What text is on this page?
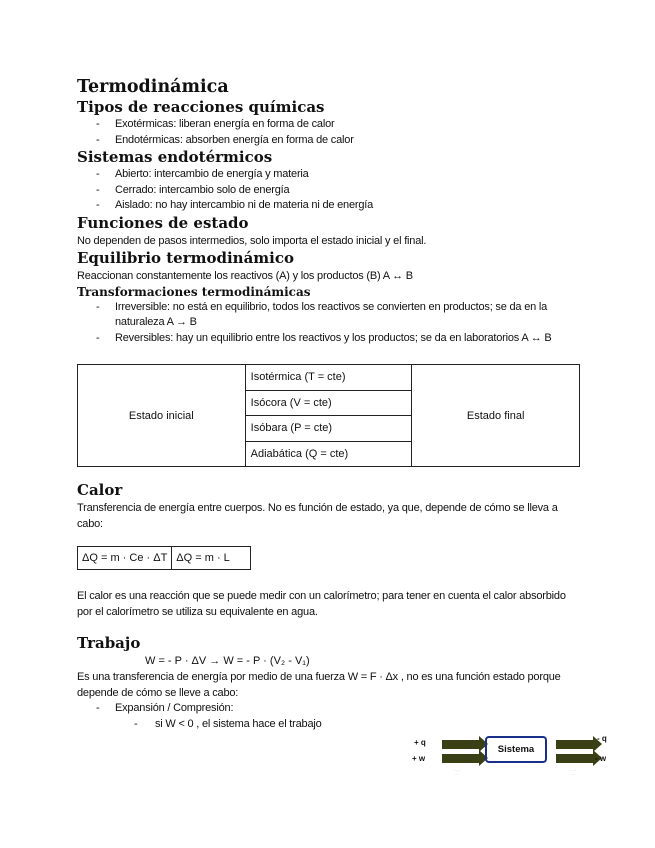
Termodinámica
Tipos de reacciones químicas
- Exotérmicas: liberan energía en forma de calor
- Endotérmicas: absorben energía en forma de calor
Sistemas endotérmicos
- Abierto: intercambio de energía y materia
- Cerrado: intercambio solo de energía
- Aislado: no hay intercambio ni de materia ni de energía
Funciones de estado

No dependen de pasos intermedios, solo importa el estado inicial y el final.

Equilibrio termodinámico

Reaccionan constantemente los reactivos (A) y los productos (B) A ↔ B

Transformaciones termodinámicas
- Irreversible: no está en equilibrio, todos los reactivos se convierten en productos; se da en la naturaleza A → B
- Reversibles: hay un equilibrio entre los reactivos y los productos; se da en laboratorios A ↔ B
Estado inicial	Isotérmica (T = cte)	Estado final
Isócora (V = cte)
Isóbara (P = cte)
Adiabática (Q = cte)
Calor

Transferencia de energía entre cuerpos. No es función de estado, ya que, depende de cómo se lleva a cabo:

ΔQ = m · Ce · ΔT	ΔQ = m · L

El calor es una reacción que se puede medir con un calorímetro; para tener en cuenta el calor absorbido por el calorímetro se utiliza su equivalente en agua.

Trabajo
W = - P · ΔV → W = - P · (V₂ - V₁)

Es una transferencia de energía por medio de una fuerza W = F · Δx , no es una función estado porque depende de cómo se lleve a cabo:

- Expansión / Compresión:
- si W < 0 , el sistema hace el trabajo
+ q
+ w
········
····
Sistema
········
····
- q
- w
